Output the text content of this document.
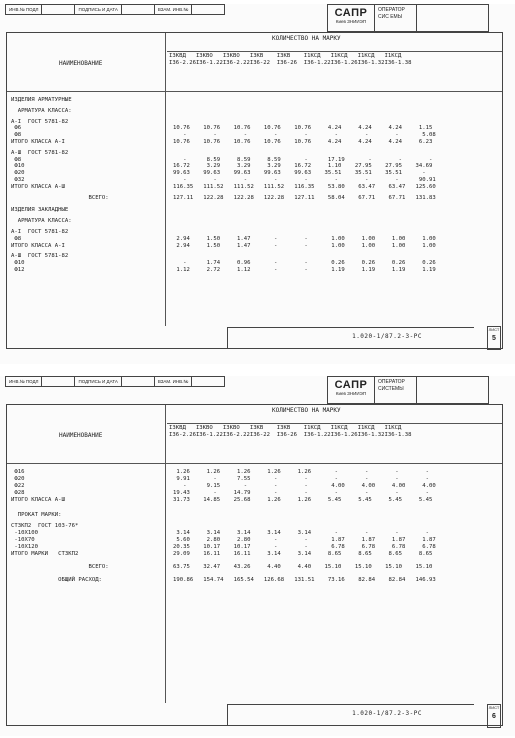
ИНВ.№ ПОДЛ	ПОДПИСЬ И ДАТА	ВЗАМ. ИНВ.№	САПР
Киев ЗНИИЭП
ОПЕРАТОР
СИС ЕМЫ
КОЛИЧЕСТВО НА МАРКУ
НАИМЕНОВАНИЕ
I3КВД   I3КВО   I3КВО   I3КВ    I3КВ    I1КСД   I1КСД   I1КСД   I1КСД
I36-2.26I36-1.22I36-2.22I36-22  I36-26  I36-1.22I36-1.26I36-1.32I36-1.38
ИЗДЕЛИЯ АРМАТУРНЫЕ
АРМАТУРА КЛАССА:
А-I  ГОСТ 5781-82
Ф6	10.76    10.76    10.76    10.76    10.76     4.24     4.24     4.24     1.15
Ф8	-        -        -        -        -        -        -        -       5.08
ИТОГО КЛАССА А-I	10.76    10.76    10.76    10.76    10.76     4.24     4.24     4.24     6.23
А-Ш  ГОСТ 5781-82
Ф8	-      8.59     8.59     8.59       -      17.19       -        -        -
Ф10	16.72     3.29     3.29     3.29    16.72     1.10    27.95    27.95    34.69
Ф20	99.63    99.63    99.63    99.63    99.63    35.51    35.51    35.51      -
Ф32	-        -        -        -        -        -        -        -      90.91
ИТОГО КЛАССА А-Ш	116.35   111.52   111.52   111.52   116.35    53.80    63.47    63.47   125.60
ВСЕГО:	127.11   122.28   122.28   122.28   127.11    58.04    67.71    67.71   131.83
ИЗДЕЛИЯ ЗАКЛАДНЫЕ
АРМАТУРА КЛАССА:
А-I  ГОСТ 5781-82
Ф8	2.94     1.50     1.47       -        -       1.00     1.00     1.00     1.00
ИТОГО КЛАССА А-I	2.94     1.50     1.47       -        -       1.00     1.00     1.00     1.00
А-Ш  ГОСТ 5781-82
Ф10	-      1.74     0.96       -        -       0.26     0.26     0.26     0.26
Ф12	1.12     2.72     1.12       -        -       1.19     1.19     1.19     1.19
1.020-1/87.2-3-РС
ЛИСТ
5
ИНВ.№ ПОДЛ	ПОДПИСЬ И ДАТА	ВЗАМ. ИНВ.№	САПР
Киев ЗНИИЭП
ОПЕРАТОР
СИСТЕМЫ
КОЛИЧЕСТВО НА МАРКУ
НАИМЕНОВАНИЕ
I3КВД   I3КВО   I3КВО   I3КВ    I3КВ    I1КСД   I1КСД   I1КСД   I1КСД
I36-2.26I36-1.22I36-2.22I36-22  I36-26  I36-1.22I36-1.26I36-1.32I36-1.38
Ф16	1.26     1.26     1.26     1.26     1.26       -        -        -        -
Ф20	9.91       -      7.55       -        -        -        -        -        -
Ф22	-      9.15       -        -        -       4.00     4.00     4.00     4.00
Ф28	19.43       -     14.79       -        -        -        -        -        -
ИТОГО КЛАССА А-Ш	31.73    14.85    25.68     1.26     1.26     5.45     5.45     5.45     5.45
ПРОКАТ МАРКИ:
СТЗКП2  ГОСТ 103-76*
-10Х100	3.14     3.14     3.14     3.14     3.14       -        -        -        -
-10Х70	5.60     2.80     2.80       -        -       1.87     1.87     1.87     1.87
-10Х120	20.35    10.17    10.17       -        -       6.78     6.78     6.78     6.78
ИТОГО МАРКИ   СТЗКП2	29.09    16.11    16.11     3.14     3.14     8.65     8.65     8.65     8.65
ВСЕГО:	63.75    32.47    43.26     4.40     4.40    15.10    15.10    15.10    15.10
ОБЩИЙ РАСХОД:	190.86   154.74   165.54   126.68   131.51    73.16    82.84    82.84   146.93
1.020-1/87.2-3-РС
ЛИСТ
6
